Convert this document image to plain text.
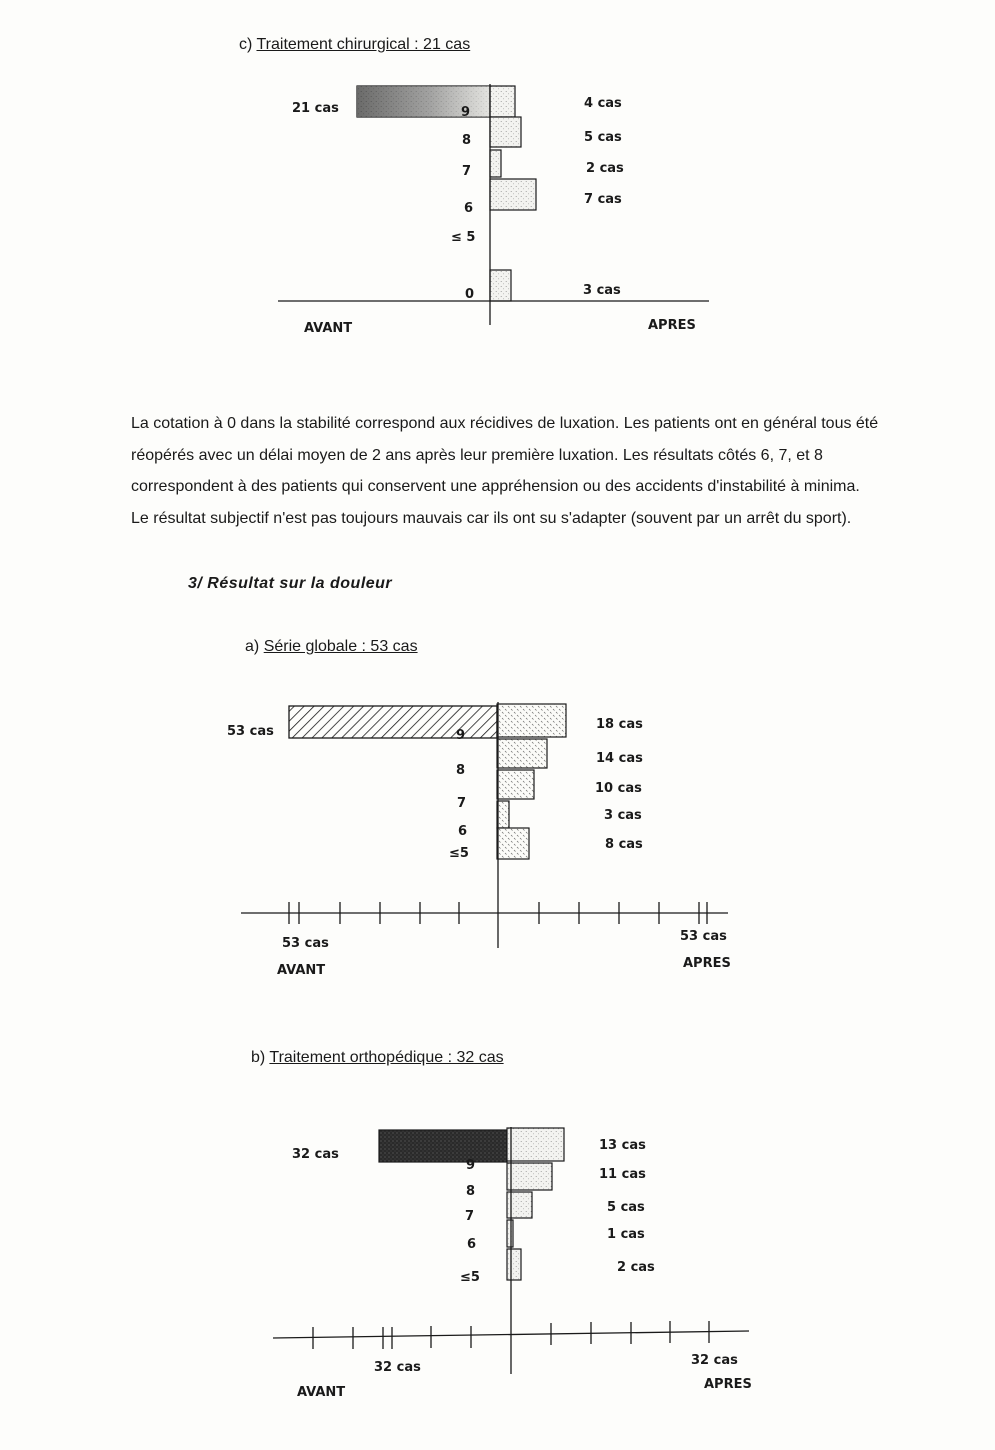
21 cas	9
8
7
6
≤ 5
0
4 cas
5 cas
2 cas
7 cas
3 cas
AVANT	APRES
53 cas	9
8
7
6
≤5
18 cas
14 cas
10 cas
3 cas
8 cas
53 cas	53 cas
AVANT	APRES
32 cas
9
8
7
6
≤5
13 cas
11 cas
5 cas
1 cas
2 cas
32 cas	32 cas
AVANT
APRES
c) Traitement chirurgical : 21 cas
La cotation à 0 dans la stabilité correspond aux récidives de luxation. Les patients ont en général tous été
réopérés avec un délai moyen de 2 ans après leur première luxation. Les résultats côtés 6, 7, et 8
correspondent à des patients qui conservent une appréhension ou des accidents d'instabilité à minima.
Le résultat subjectif n'est pas toujours mauvais car ils ont su s'adapter (souvent par un arrêt du sport).
3/ Résultat sur la douleur
a) Série globale : 53 cas
b) Traitement orthopédique : 32 cas
